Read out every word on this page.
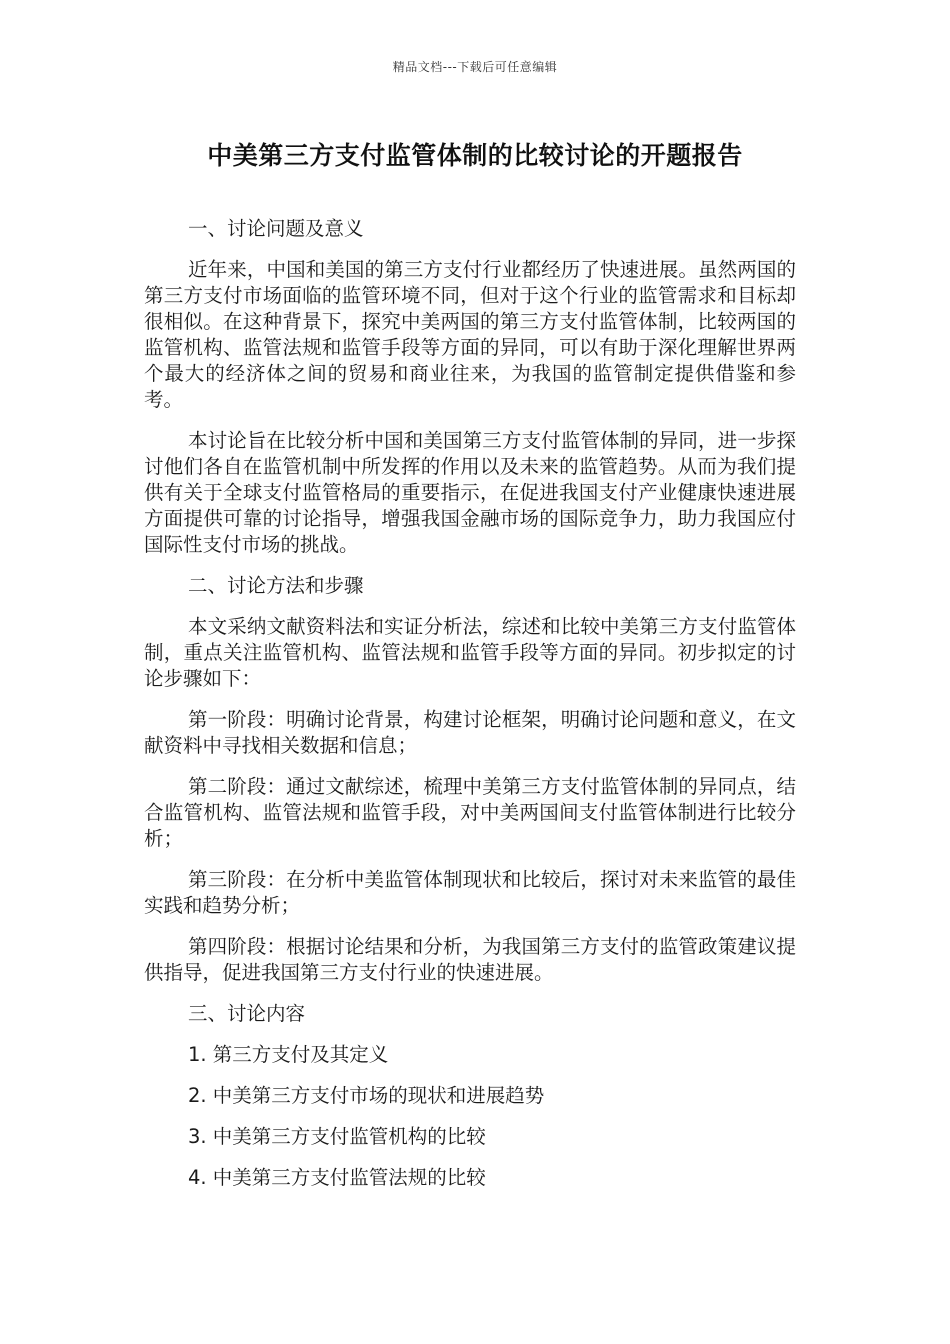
精品文档---下载后可任意编辑
中美第三方支付监管体制的比较讨论的开题报告

一、讨论问题及意义

近年来，中国和美国的第三方支付行业都经历了快速进展。虽然两国的第三方支付市场面临的监管环境不同，但对于这个行业的监管需求和目标却很相似。在这种背景下，探究中美两国的第三方支付监管体制，比较两国的监管机构、监管法规和监管手段等方面的异同，可以有助于深化理解世界两个最大的经济体之间的贸易和商业往来，为我国的监管制定提供借鉴和参考。

本讨论旨在比较分析中国和美国第三方支付监管体制的异同，进一步探讨他们各自在监管机制中所发挥的作用以及未来的监管趋势。从而为我们提供有关于全球支付监管格局的重要指示，在促进我国支付产业健康快速进展方面提供可靠的讨论指导，增强我国金融市场的国际竞争力，助力我国应付国际性支付市场的挑战。

二、讨论方法和步骤

本文采纳文献资料法和实证分析法，综述和比较中美第三方支付监管体制，重点关注监管机构、监管法规和监管手段等方面的异同。初步拟定的讨论步骤如下：

第一阶段：明确讨论背景，构建讨论框架，明确讨论问题和意义，在文献资料中寻找相关数据和信息；

第二阶段：通过文献综述，梳理中美第三方支付监管体制的异同点，结合监管机构、监管法规和监管手段，对中美两国间支付监管体制进行比较分析；

第三阶段：在分析中美监管体制现状和比较后，探讨对未来监管的最佳实践和趋势分析；

第四阶段：根据讨论结果和分析，为我国第三方支付的监管政策建议提供指导，促进我国第三方支付行业的快速进展。

三、讨论内容

1. 第三方支付及其定义

2. 中美第三方支付市场的现状和进展趋势

3. 中美第三方支付监管机构的比较

4. 中美第三方支付监管法规的比较
